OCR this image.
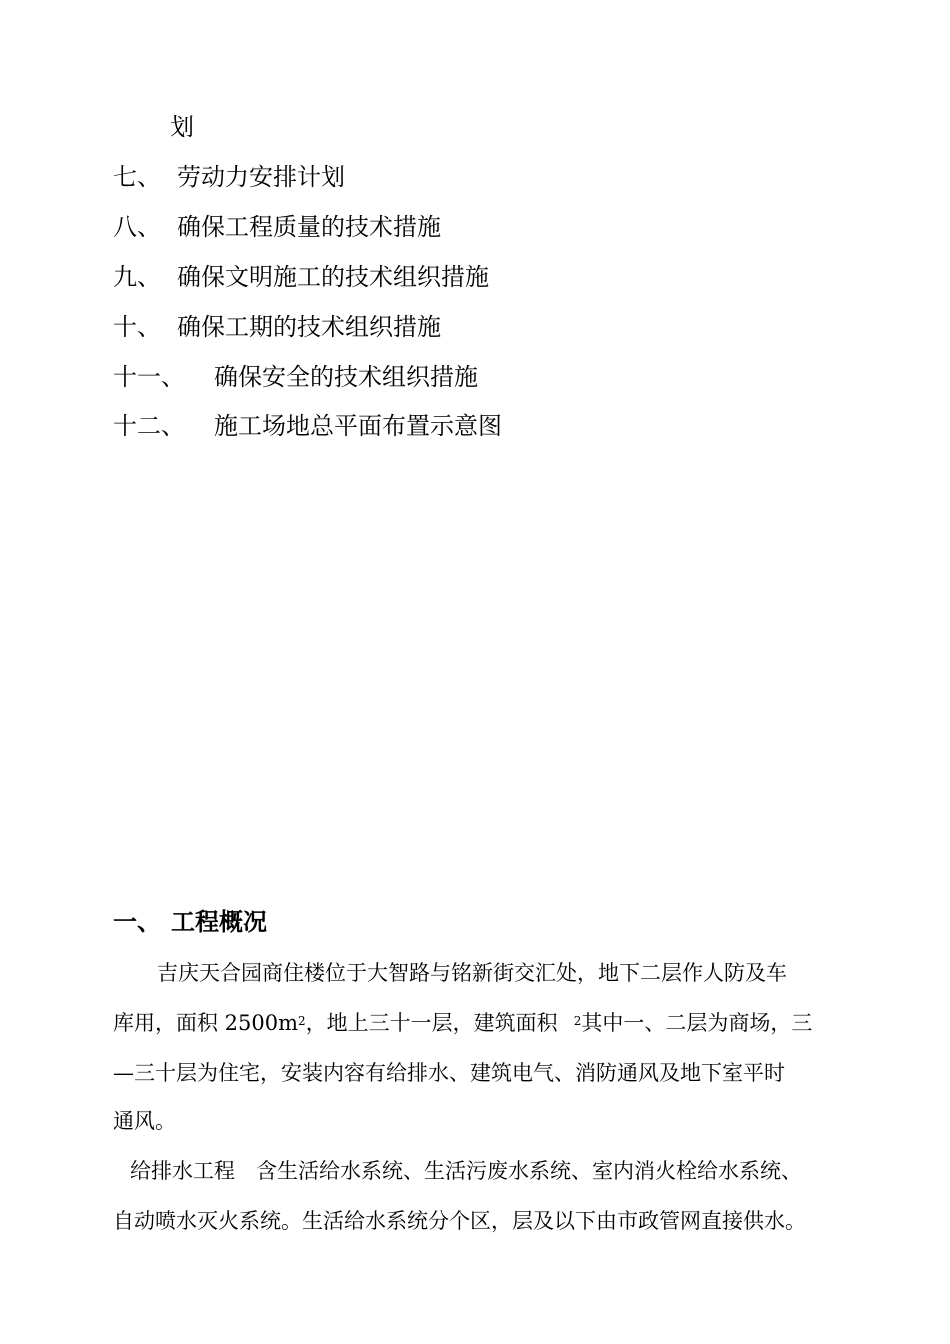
划
七、 劳动力安排计划
八、 确保工程质量的技术措施
九、 确保文明施工的技术组织措施
十、 确保工期的技术组织措施
十一、 确保安全的技术组织措施
十二、 施工场地总平面布置示意图
一、 工程概况
吉庆天合园商住楼位于大智路与铭新街交汇处，地下二层作人防及车
库用，面积 $2500m^2$，地上三十一层，建筑面积 $^2$其中一、二层为商场，三
—三十层为住宅，安装内容有给排水、建筑电气、消防通风及地下室平时
通风。
给排水工程　含生活给水系统、生活污废水系统、室内消火栓给水系统、
自动喷水灭火系统。生活给水系统分个区，层及以下由市政管网直接供水。
